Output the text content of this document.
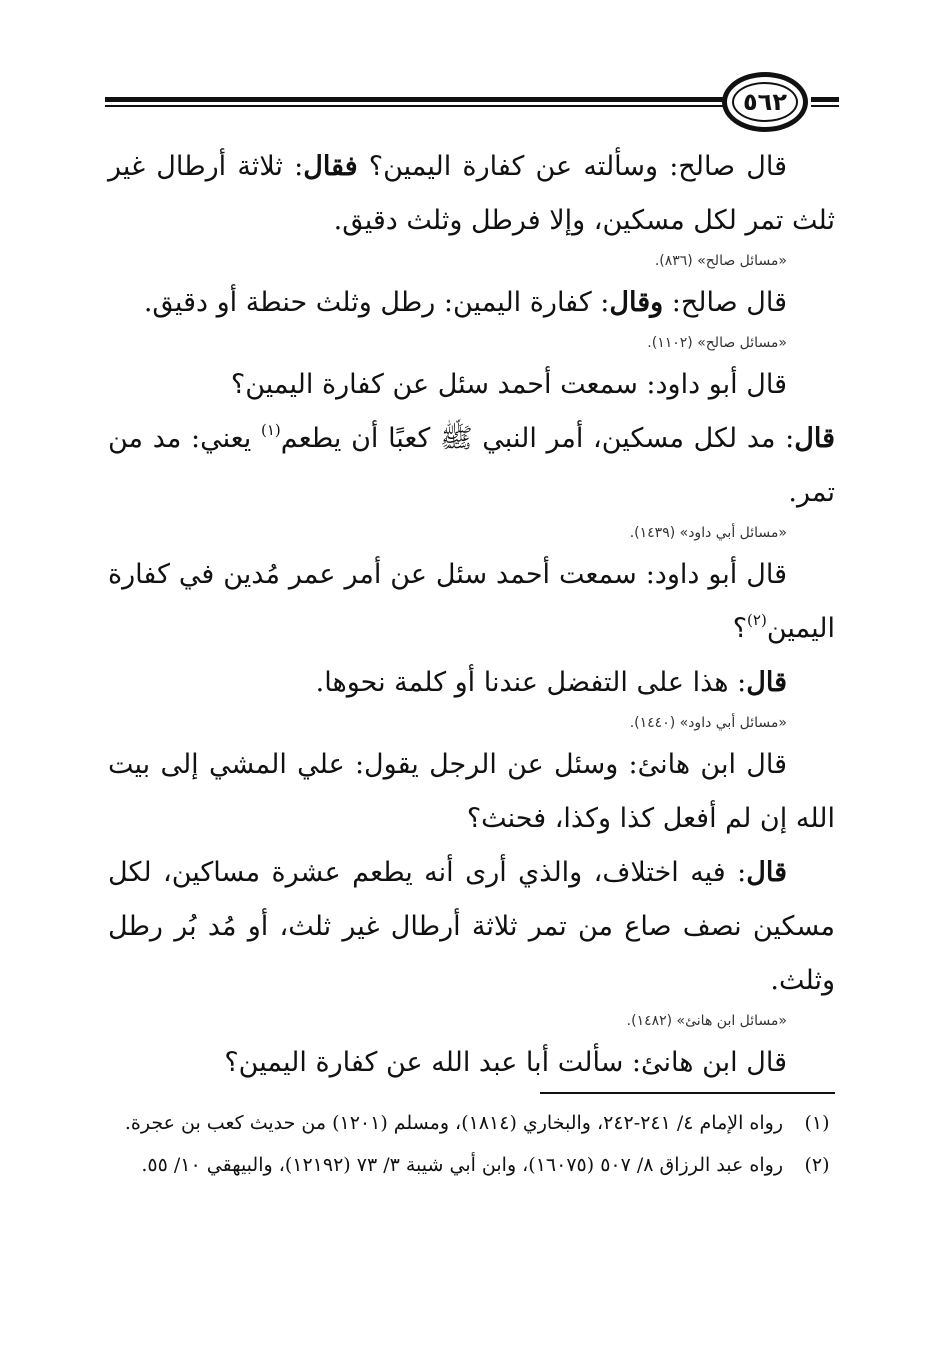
٥٦٢

قال صالح: وسألته عن كفارة اليمين؟ فقال: ثلاثة أرطال غير ثلث تمر لكل مسكين، وإلا فرطل وثلث دقيق.

«مسائل صالح» (٨٣٦).

قال صالح: وقال: كفارة اليمين: رطل وثلث حنطة أو دقيق.

«مسائل صالح» (١١٠٢).

قال أبو داود: سمعت أحمد سئل عن كفارة اليمين؟

قال: مد لكل مسكين، أمر النبي ﷺ كعبًا أن يطعم$^{(١)}$ يعني: مد من تمر.

«مسائل أبي داود» (١٤٣٩).

قال أبو داود: سمعت أحمد سئل عن أمر عمر مُدين في كفارة اليمين$^{(٢)}$؟

قال: هذا على التفضل عندنا أو كلمة نحوها.

«مسائل أبي داود» (١٤٤٠).

قال ابن هانئ: وسئل عن الرجل يقول: علي المشي إلى بيت الله إن لم أفعل كذا وكذا، فحنث؟

قال: فيه اختلاف، والذي أرى أنه يطعم عشرة مساكين، لكل مسكين نصف صاع من تمر ثلاثة أرطال غير ثلث، أو مُد بُر رطل وثلث.

«مسائل ابن هانئ» (١٤٨٢).

قال ابن هانئ: سألت أبا عبد الله عن كفارة اليمين؟

(١)
رواه الإمام ٤/ ٢٤١-٢٤٢، والبخاري (١٨١٤)، ومسلم (١٢٠١) من حديث كعب بن عجرة.
(٢)
رواه عبد الرزاق ٨/ ٥٠٧ (١٦٠٧٥)، وابن أبي شيبة ٣/ ٧٣ (١٢١٩٢)، والبيهقي ١٠/ ٥٥.
